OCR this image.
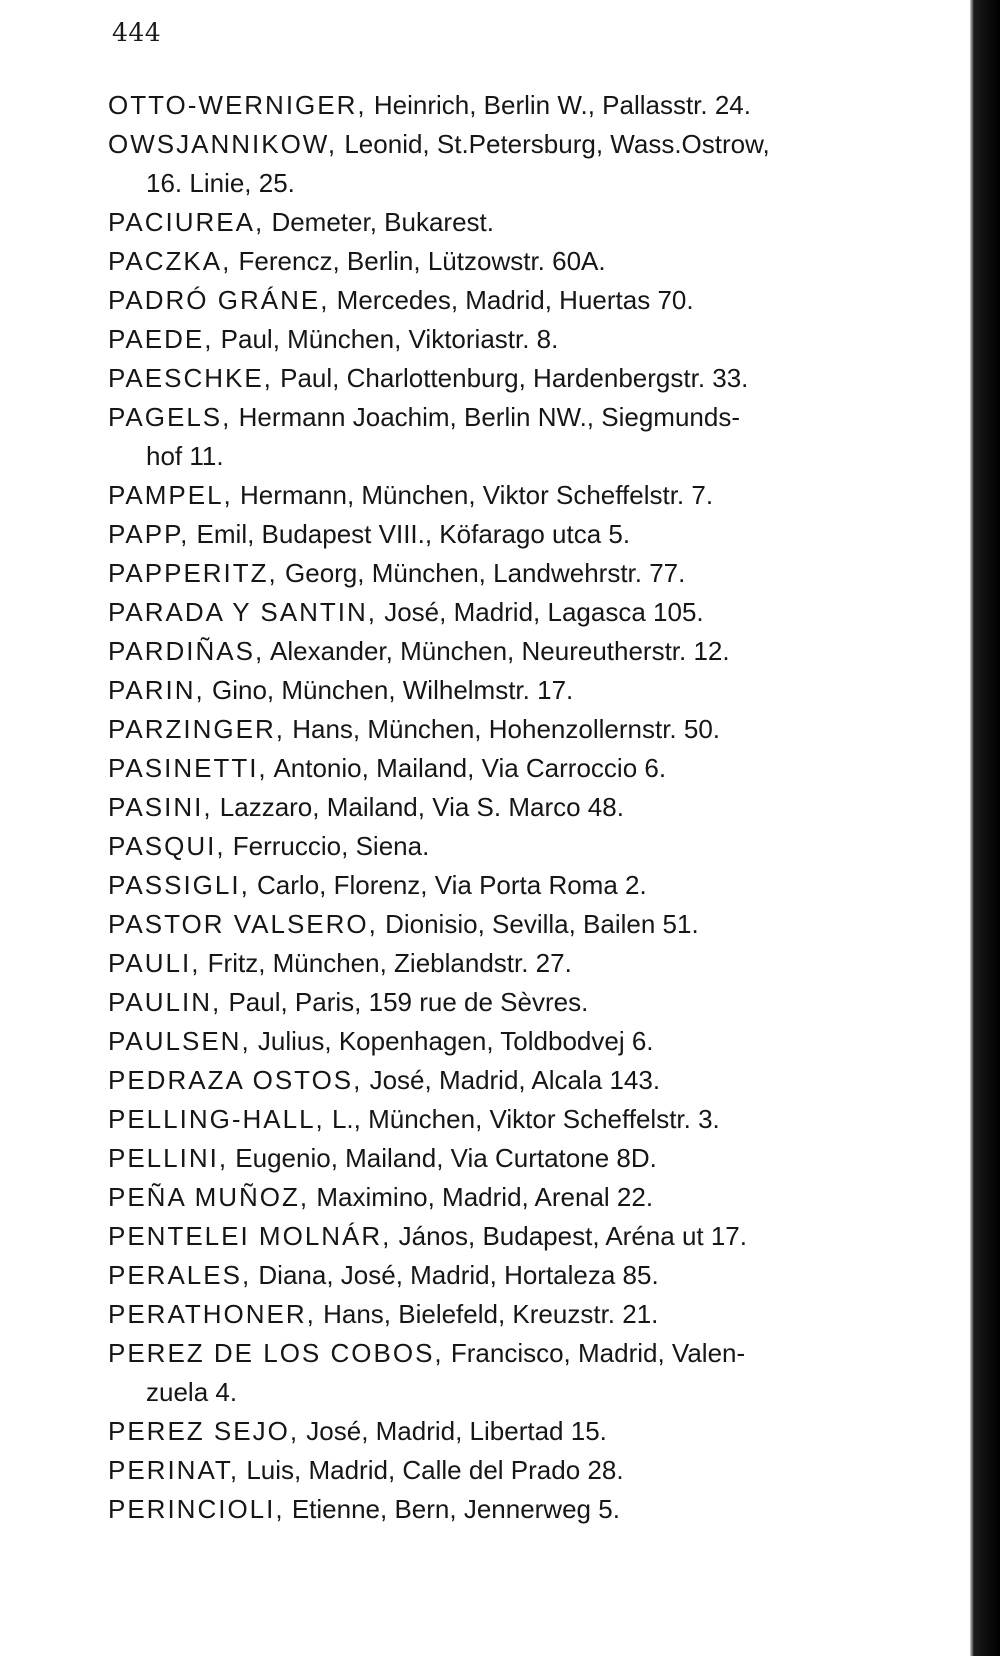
444
OTTO-WERNIGER, Heinrich, Berlin W., Pallasstr. 24.
OWSJANNIKOW, Leonid, St.Petersburg, Wass.Ostrow,
16. Linie, 25.
PACIUREA, Demeter, Bukarest.
PACZKA, Ferencz, Berlin, Lützowstr. 60A.
PADRÓ GRÁNE, Mercedes, Madrid, Huertas 70.
PAEDE, Paul, München, Viktoriastr. 8.
PAESCHKE, Paul, Charlottenburg, Hardenbergstr. 33.
PAGELS, Hermann Joachim, Berlin NW., Siegmunds-
hof 11.
PAMPEL, Hermann, München, Viktor Scheffelstr. 7.
PAPP, Emil, Budapest VIII., Köfarago utca 5.
PAPPERITZ, Georg, München, Landwehrstr. 77.
PARADA Y SANTIN, José, Madrid, Lagasca 105.
PARDIÑAS, Alexander, München, Neureutherstr. 12.
PARIN, Gino, München, Wilhelmstr. 17.
PARZINGER, Hans, München, Hohenzollernstr. 50.
PASINETTI, Antonio, Mailand, Via Carroccio 6.
PASINI, Lazzaro, Mailand, Via S. Marco 48.
PASQUI, Ferruccio, Siena.
PASSIGLI, Carlo, Florenz, Via Porta Roma 2.
PASTOR VALSERO, Dionisio, Sevilla, Bailen 51.
PAULI, Fritz, München, Zieblandstr. 27.
PAULIN, Paul, Paris, 159 rue de Sèvres.
PAULSEN, Julius, Kopenhagen, Toldbodvej 6.
PEDRAZA OSTOS, José, Madrid, Alcala 143.
PELLING-HALL, L., München, Viktor Scheffelstr. 3.
PELLINI, Eugenio, Mailand, Via Curtatone 8D.
PEÑA MUÑOZ, Maximino, Madrid, Arenal 22.
PENTELEI MOLNÁR, János, Budapest, Aréna ut 17.
PERALES, Diana, José, Madrid, Hortaleza 85.
PERATHONER, Hans, Bielefeld, Kreuzstr. 21.
PEREZ DE LOS COBOS, Francisco, Madrid, Valen-
zuela 4.
PEREZ SEJO, José, Madrid, Libertad 15.
PERINAT, Luis, Madrid, Calle del Prado 28.
PERINCIOLI, Etienne, Bern, Jennerweg 5.
